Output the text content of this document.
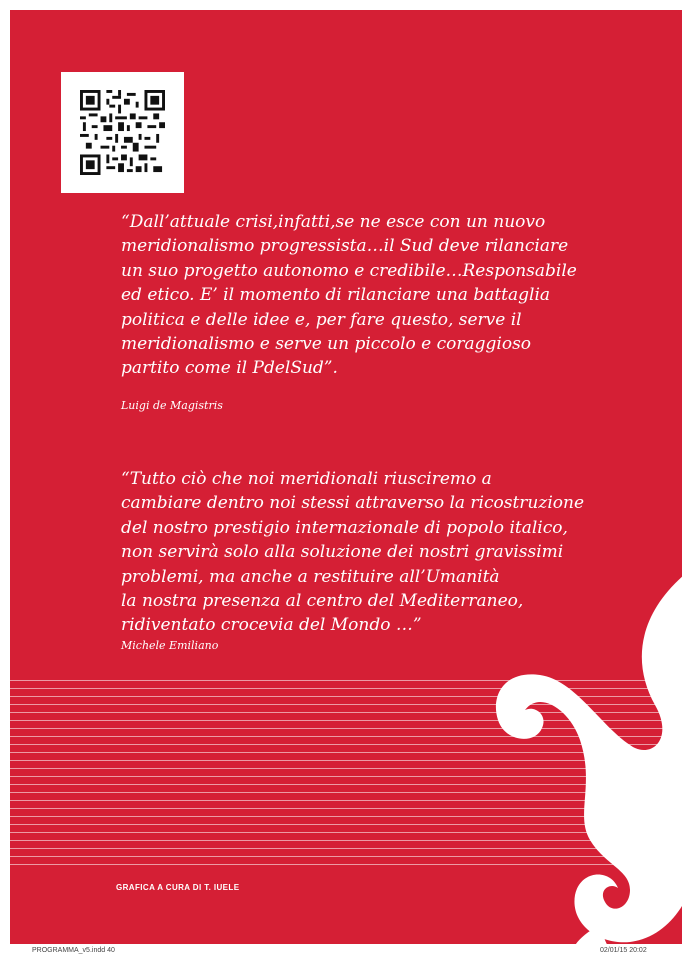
“Dall’attuale crisi,infatti,se ne esce con un nuovo
meridionalismo progressista…il Sud deve rilanciare
un suo progetto autonomo e credibile…Responsabile
ed etico. E’ il momento di rilanciare una battaglia
politica e delle idee e, per fare questo, serve il
meridionalismo e serve un piccolo e coraggioso
partito come il PdelSud”.

Luigi de Magistris

“Tutto ciò che noi meridionali riusciremo a
cambiare dentro noi stessi attraverso la ricostruzione
del nostro prestigio internazionale di popolo italico,
non servirà solo alla soluzione dei nostri gravissimi
problemi, ma anche a restituire all’Umanità
la nostra presenza al centro del Mediterraneo,
ridiventato crocevia del Mondo …”

Michele Emiliano

GRAFICA A CURA DI T. IUELE

PROGRAMMA_v5.indd 40	02/01/15 20:02
